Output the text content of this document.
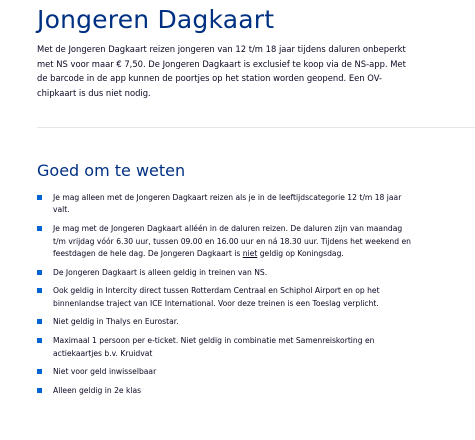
Jongeren Dagkaart

Met de Jongeren Dagkaart reizen jongeren van 12 t/m 18 jaar tijdens daluren onbeperkt met NS voor maar € 7,50. De Jongeren Dagkaart is exclusief te koop via de NS-app. Met de barcode in de app kunnen de poortjes op het station worden geopend. Een OV-chipkaart is dus niet nodig.

Goed om te weten
Je mag alleen met de Jongeren Dagkaart reizen als je in de leeftijdscategorie 12 t/m 18 jaar valt.
Je mag met de Jongeren Dagkaart alléén in de daluren reizen. De daluren zijn van maandag t/m vrijdag vóór 6.30 uur, tussen 09.00 en 16.00 uur en ná 18.30 uur. Tijdens het weekend en feestdagen de hele dag. De Jongeren Dagkaart is niet geldig op Koningsdag.
De Jongeren Dagkaart is alleen geldig in treinen van NS.
Ook geldig in Intercity direct tussen Rotterdam Centraal en Schiphol Airport en op het binnenlandse traject van ICE International. Voor deze treinen is een Toeslag verplicht.
Niet geldig in Thalys en Eurostar.
Maximaal 1 persoon per e-ticket. Niet geldig in combinatie met Samenreiskorting en actiekaartjes b.v. Kruidvat
Niet voor geld inwisselbaar
Alleen geldig in 2e klas
